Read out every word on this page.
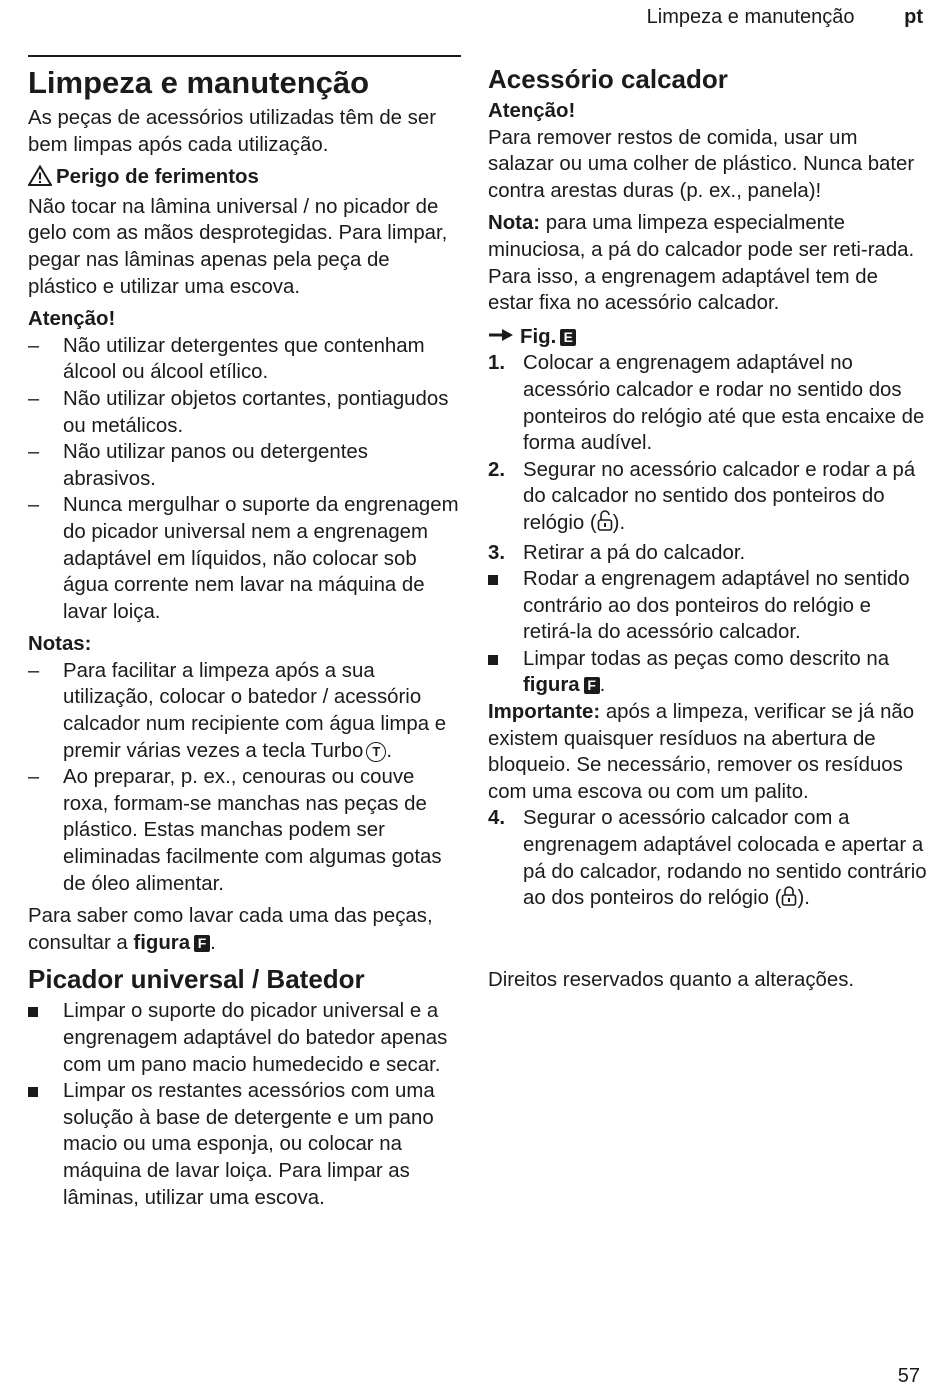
Limpeza e manutenção pt
Limpeza e manutenção

As peças de acessórios utilizadas têm de ser bem limpas após cada utilização.

Perigo de ferimentos

Não tocar na lâmina universal / no picador de gelo com as mãos desprotegidas. Para limpar, pegar nas lâminas apenas pela peça de plástico e utilizar uma escova.

Atenção!

–	Não utilizar detergentes que contenham álcool ou álcool etílico.
–	Não utilizar objetos cortantes, pontiagudos ou metálicos.
–	Não utilizar panos ou detergentes abrasivos.
–	Nunca mergulhar o suporte da engrenagem do picador universal nem a engrenagem adaptável em líquidos, não colocar sob água corrente nem lavar na máquina de lavar loiça.

Notas:

–	Para facilitar a limpeza após a sua utilização, colocar o batedor / acessório calcador num recipiente com água limpa e premir várias vezes a tecla Turbo T .
–	Ao preparar, p. ex., cenouras ou couve roxa, formam-se manchas nas peças de plástico. Estas manchas podem ser eliminadas facilmente com algumas gotas de óleo alimentar.

Para saber como lavar cada uma das peças, consultar a figura F .

Picador universal / Batedor
Limpar o suporte do picador universal e a engrenagem adaptável do batedor apenas com um pano macio humedecido e secar.
Limpar os restantes acessórios com uma solução à base de detergente e um pano macio ou uma esponja, ou colocar na máquina de lavar loiça. Para limpar as lâminas, utilizar uma escova.
Acessório calcador

Atenção!

Para remover restos de comida, usar um salazar ou uma colher de plástico. Nunca bater contra arestas duras (p. ex., panela)!

Nota: para uma limpeza especialmente minuciosa, a pá do calcador pode ser reti-rada. Para isso, a engrenagem adaptável tem de estar fixa no acessório calcador.

Fig. E

1. Colocar a engrenagem adaptável no acessório calcador e rodar no sentido dos ponteiros do relógio até que esta encaixe de forma audível.
2. Segurar no acessório calcador e rodar a pá do calcador no sentido dos ponteiros do relógio ( ).
3. Retirar a pá do calcador.
Rodar a engrenagem adaptável no sentido contrário ao dos ponteiros do relógio e retirá-la do acessório calcador.
Limpar todas as peças como descrito na figura F .

Importante: após a limpeza, verificar se já não existem quaisquer resíduos na abertura de bloqueio. Se necessário, remover os resíduos com uma escova ou com um palito.

4. Segurar o acessório calcador com a engrenagem adaptável colocada e apertar a pá do calcador, rodando no sentido contrário ao dos ponteiros do relógio ( ).

Direitos reservados quanto a alterações.

57
